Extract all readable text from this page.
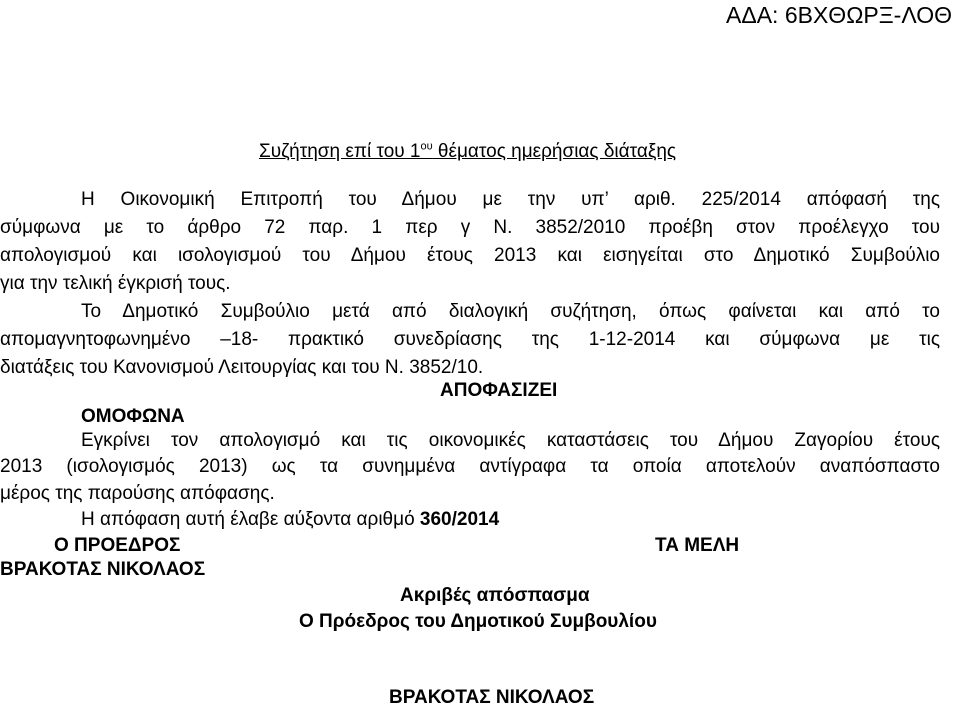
ΑΔΑ: 6ΒΧΘΩΡΞ-ΛΟΘ
Συζήτηση επί του $1^{o\upsilon}$ θέματος ημερήσιας διάταξης
Η Οικονομική Επιτροπή του Δήμου με την υπ’ αριθ. 225/2014 απόφασή της
σύμφωνα με το άρθρο 72 παρ. 1 περ γ Ν. 3852/2010 προέβη στον προέλεγχο του
απολογισμού και ισολογισμού του Δήμου έτους 2013 και εισηγείται στο Δημοτικό Συμβούλιο
για την τελική έγκρισή τους.
Το Δημοτικό Συμβούλιο μετά από διαλογική συζήτηση, όπως φαίνεται και από το
απομαγνητοφωνημένο –18- πρακτικό συνεδρίασης της 1-12-2014 και σύμφωνα με τις
διατάξεις του Κανονισμού Λειτουργίας και του Ν. 3852/10.
ΑΠΟΦΑΣΙΖΕΙ
ΟΜΟΦΩΝΑ
Εγκρίνει τον απολογισμό και τις οικονομικές καταστάσεις του Δήμου Ζαγορίου έτους
2013 (ισολογισμός 2013) ως τα συνημμένα αντίγραφα τα οποία αποτελούν αναπόσπαστο
μέρος της παρούσης απόφασης.
Η απόφαση αυτή έλαβε αύξοντα αριθμό 360/2014
Ο ΠΡΟΕΔΡΟΣ	ΤΑ ΜΕΛΗ
ΒΡΑΚΟΤΑΣ ΝΙΚΟΛΑΟΣ
Ακριβές απόσπασμα
Ο Πρόεδρος του Δημοτικού Συμβουλίου
ΒΡΑΚΟΤΑΣ ΝΙΚΟΛΑΟΣ
